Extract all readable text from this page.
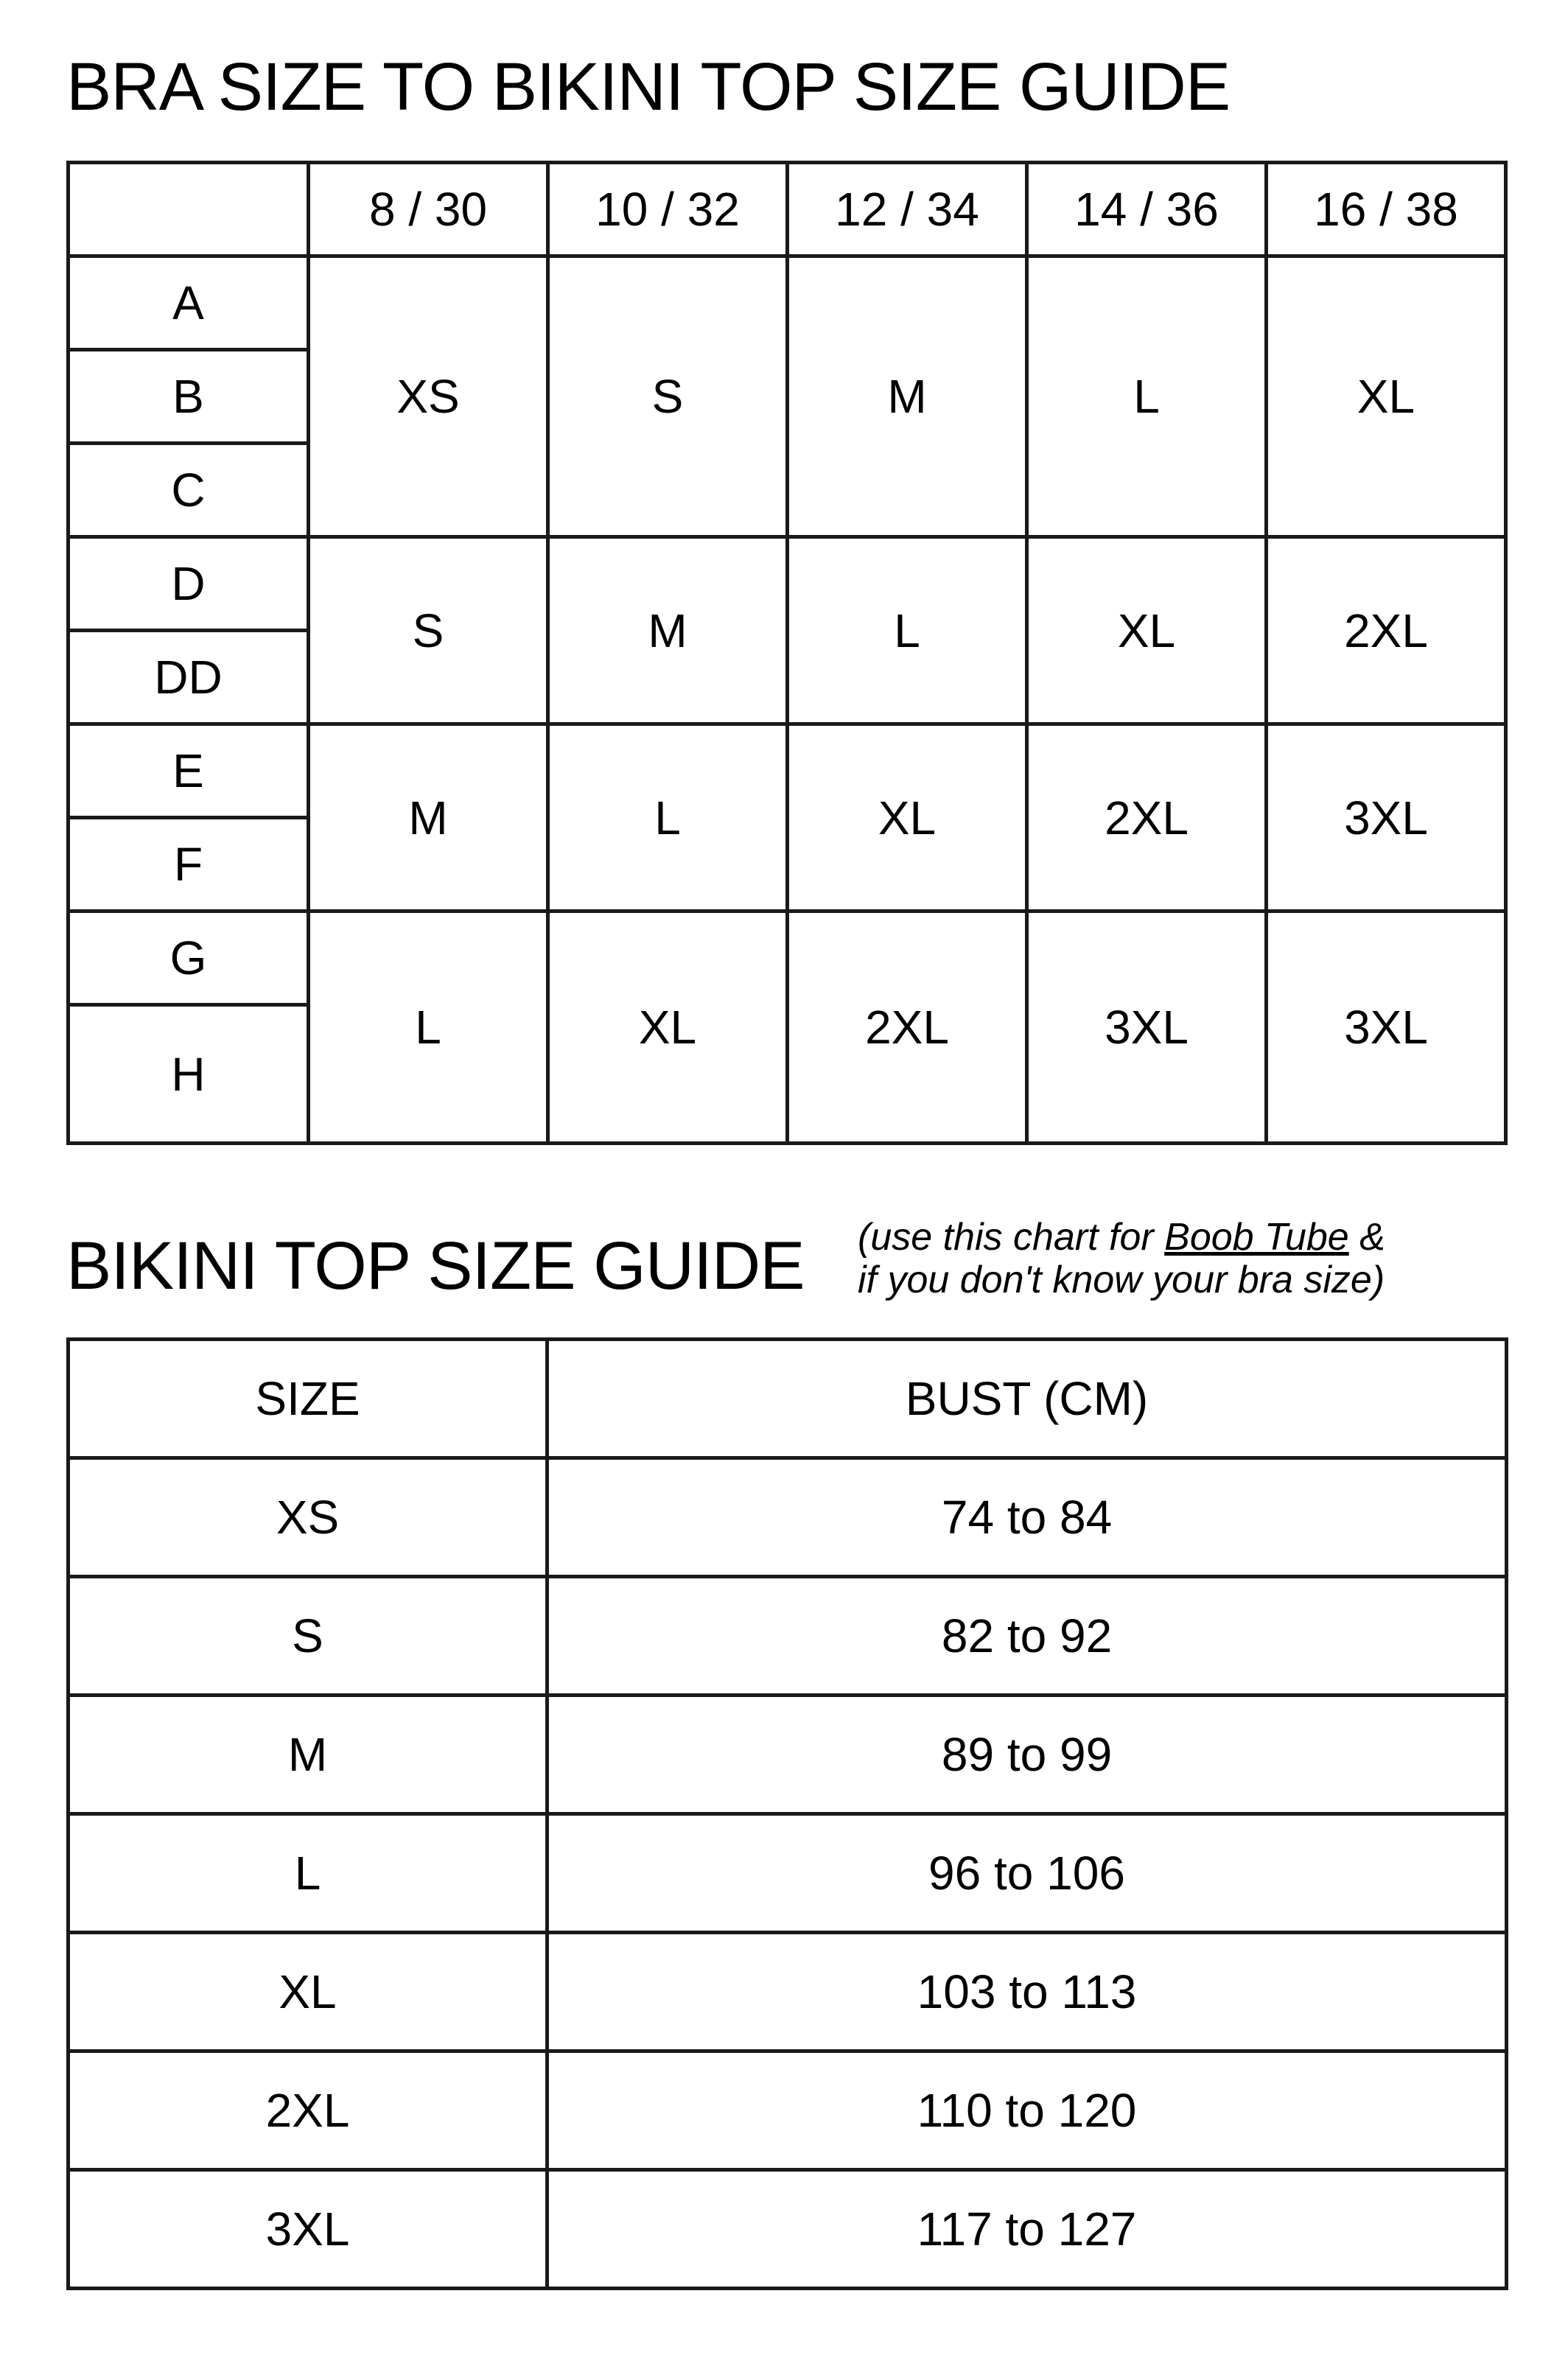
BRA SIZE TO BIKINI TOP SIZE GUIDE
	8 / 30	10 / 32	12 / 34	14 / 36	16 / 38
A	XS	S	M	L	XL
B					
C					
D	S	M	L	XL	2XL
DD					
E	M	L	XL	2XL	3XL
F					
G	L	XL	2XL	3XL	3XL
H					
BIKINI TOP SIZE GUIDE (use this chart for Boob Tube &
if you don't know your bra size)
SIZE	BUST (CM)
XS	74 to 84
S	82 to 92
M	89 to 99
L	96 to 106
XL	103 to 113
2XL	110 to 120
3XL	117 to 127
